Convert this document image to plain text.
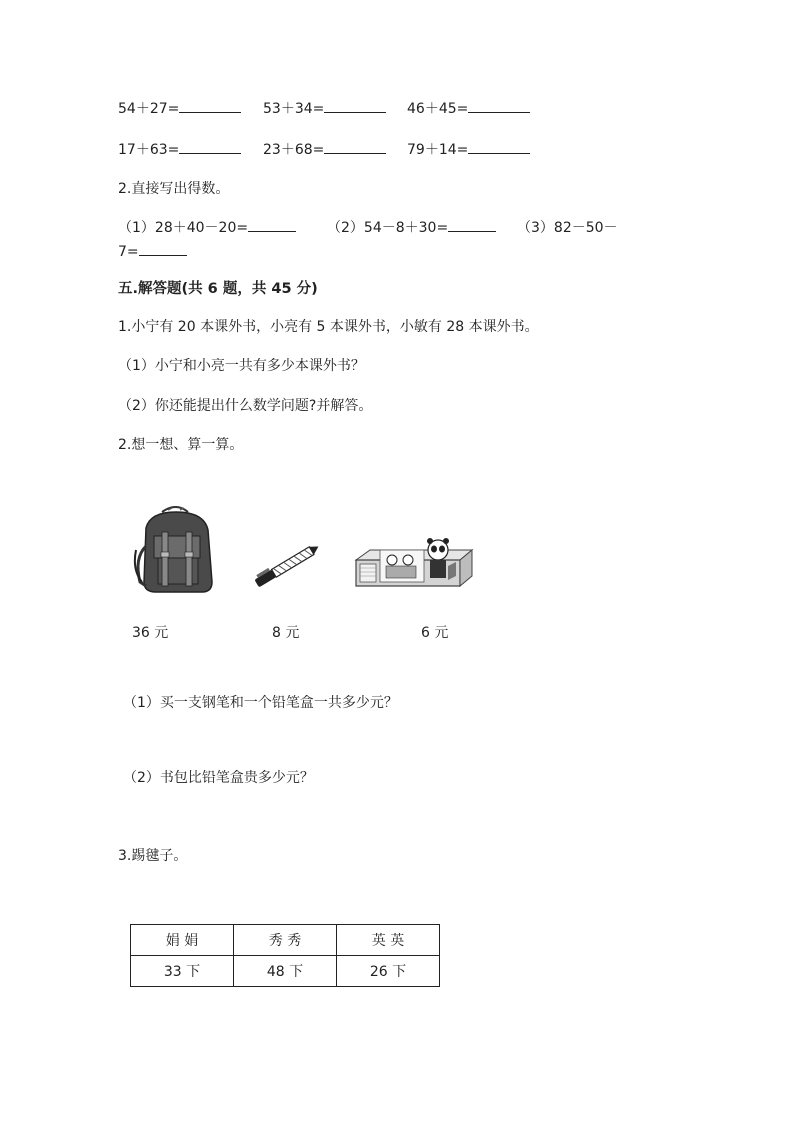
54＋27=	53＋34=	46＋45=
17＋63=	23＋68=	79＋14=
2.直接写出得数。
（1）28＋40－20=	（2）54－8＋30=	（3）82－50－
7=
五.解答题(共 6 题，共 45 分)
1.小宁有 20 本课外书，小亮有 5 本课外书，小敏有 28 本课外书。
（1）小宁和小亮一共有多少本课外书？
（2）你还能提出什么数学问题?并解答。
2.想一想、算一算。
36 元	8 元	6 元
（1）买一支钢笔和一个铅笔盒一共多少元？
（2）书包比铅笔盒贵多少元？
3.踢毽子。
娟 娟	秀 秀	英 英
33 下	48 下	26 下
